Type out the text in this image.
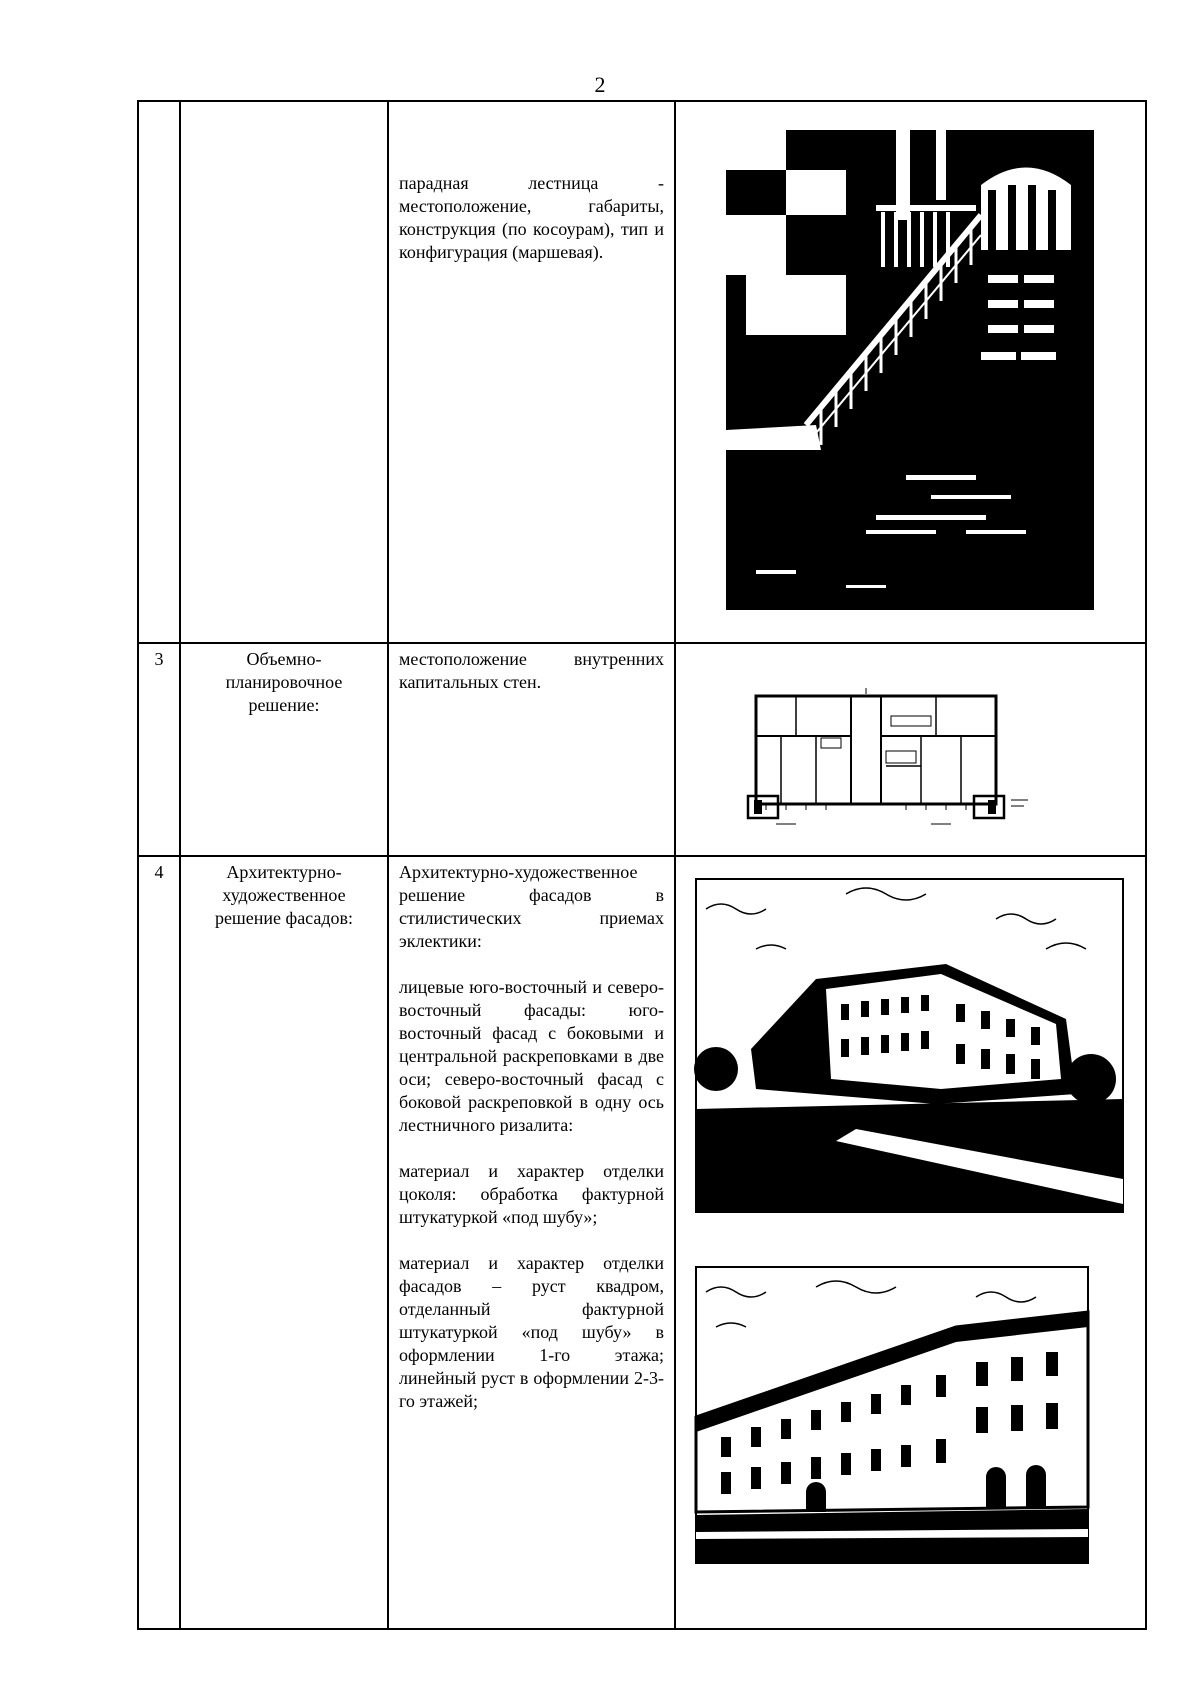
2

		парадная лестница - местоположение, габариты, конструкция (по косоурам), тип и конфигурация (маршевая).

3	Объемно-планировочное решение:	местоположение внутренних капитальных стен.

4	Архитектурно-художественное решение фасадов:	Архитектурно-художественное решение фасадов в стилистических приемах эклектики:

лицевые юго-восточный и северо-восточный фасады: юго-восточный фасад с боковыми и центральной раскреповками в две оси; северо-восточный фасад с боковой раскреповкой в одну ось лестничного ризалита:

материал и характер отделки цоколя: обработка фактурной штукатуркой «под шубу»;

материал и характер отделки фасадов – руст квадром, отделанный фактурной штукатуркой «под шубу» в оформлении 1-го этажа; линейный руст в оформлении 2-3-го этажей;
